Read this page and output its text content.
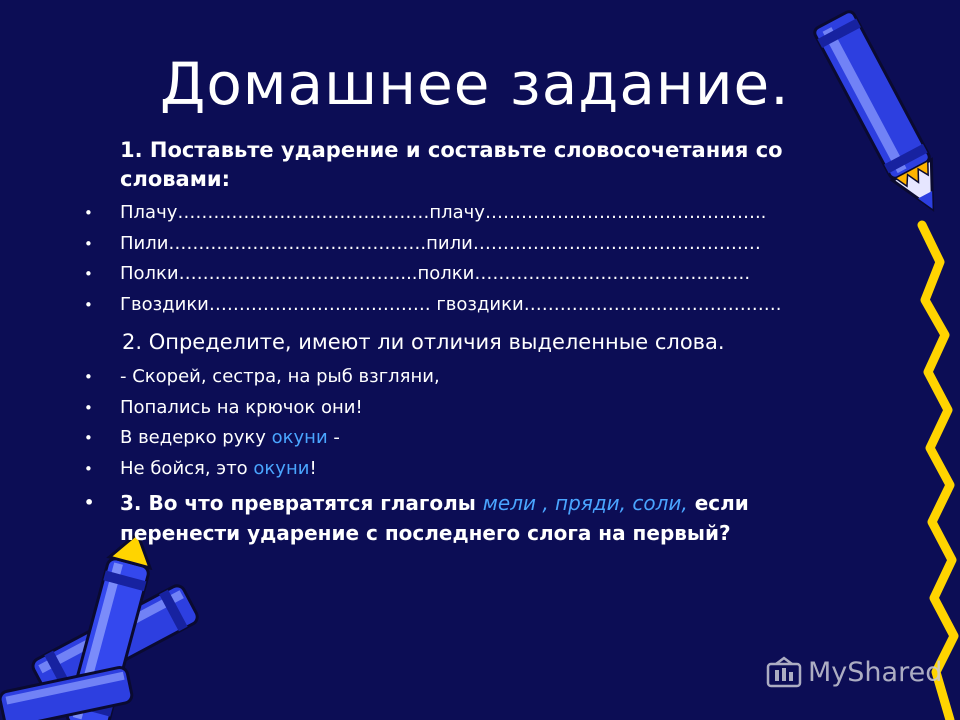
Домашнее задание.
1. Поставьте ударение и составьте словосочетания со словами:
• Плачу……………………………………плачу………………………………………..
• Пили…………………………………….пили…………………………………………
• Полки………………………………....полки……………………………………….
• Гвоздики………………………………. гвоздики…………………………………….
2. Определите, имеют ли отличия выделенные слова.
• - Скорей, сестра, на рыб взгляни,
• Попались на крючок они!
• В ведерко руку окуни -
• Не бойся, это окуни!
•	3. Во что превратятся глаголы мели , пряди, соли, если перенести ударение с последнего слога на первый?
MyShared
